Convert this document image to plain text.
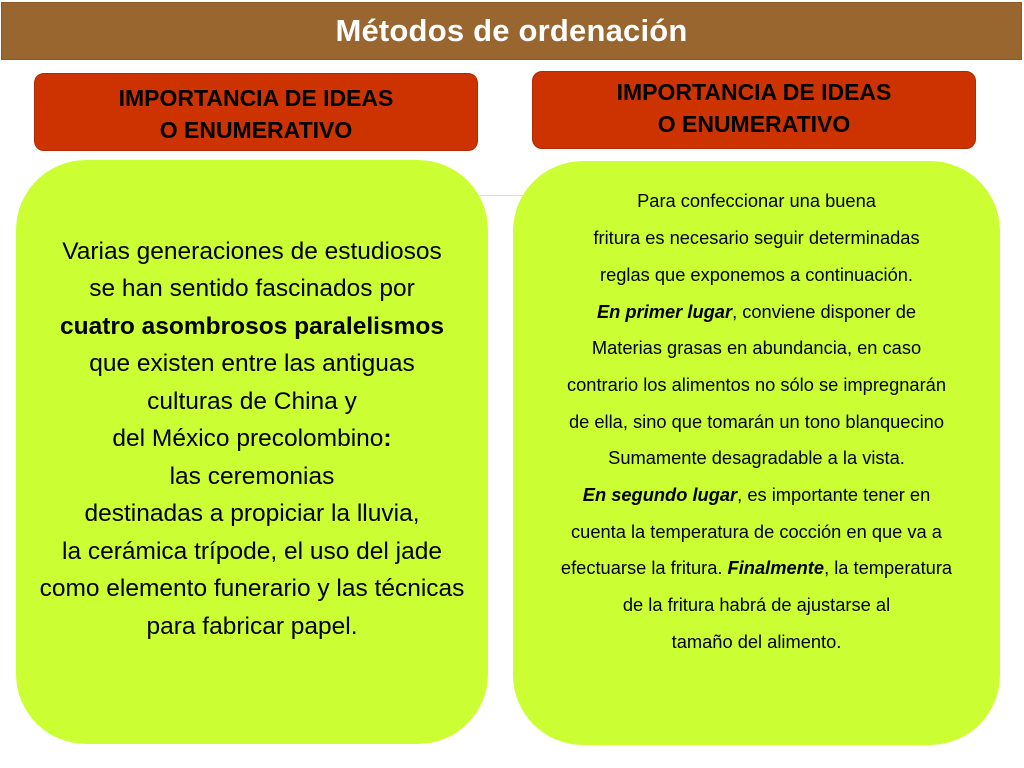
Métodos de ordenación
IMPORTANCIA DE IDEAS
O ENUMERATIVO
IMPORTANCIA DE IDEAS
O ENUMERATIVO
Varias generaciones de estudiosos
se han sentido fascinados por
cuatro asombrosos paralelismos
que existen entre las antiguas
culturas de China y
del México precolombino:
las ceremonias
destinadas a propiciar la lluvia,
la cerámica trípode, el uso del jade
como elemento funerario y las técnicas
para fabricar papel.
Para confeccionar una buena
fritura es necesario seguir determinadas
reglas que exponemos a continuación.
En primer lugar, conviene disponer de
Materias grasas en abundancia, en caso
contrario los alimentos no sólo se impregnarán
de ella, sino que tomarán un tono blanquecino
Sumamente desagradable a la vista.
En segundo lugar, es importante tener en
cuenta la temperatura de cocción en que va a
efectuarse la fritura. Finalmente, la temperatura
de la fritura habrá de ajustarse al
tamaño del alimento.
